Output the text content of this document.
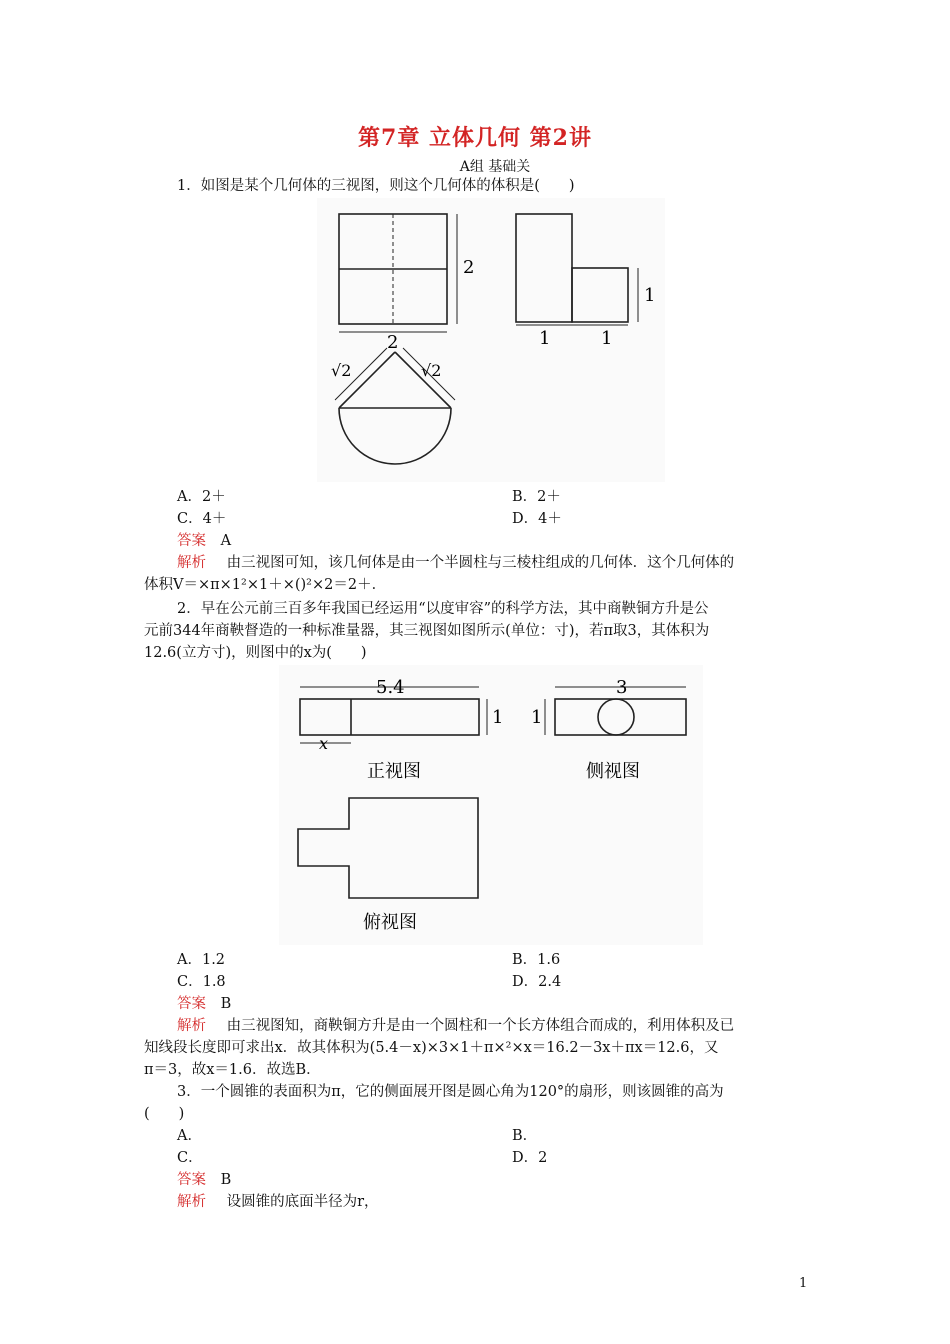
第7章 立体几何 第2讲
A组 基础关
1．如图是某个几何体的三视图，则这个几何体的体积是(　　)
2
2
1
1	1
√2	√2
A．2＋	B．2＋
C．4＋	D．4＋
答案 A
解析 由三视图可知，该几何体是由一个半圆柱与三棱柱组成的几何体．这个几何体的
体积V＝×π×1²×1＋×()²×2＝2＋．
2．早在公元前三百多年我国已经运用“以度审容”的科学方法，其中商鞅铜方升是公
元前344年商鞅督造的一种标准量器，其三视图如图所示(单位：寸)，若π取3，其体积为
12.6(立方寸)，则图中的x为(　　)
5.4
1
x
正视图
3
1
侧视图
俯视图
A．1.2	B．1.6
C．1.8	D．2.4
答案 B
解析 由三视图知，商鞅铜方升是由一个圆柱和一个长方体组合而成的，利用体积及已
知线段长度即可求出x．故其体积为(5.4－x)×3×1＋π×²×x＝16.2－3x＋πx＝12.6，又
π＝3，故x＝1.6．故选B．
3．一个圆锥的表面积为π，它的侧面展开图是圆心角为120°的扇形，则该圆锥的高为
(　　)
A．	B．
C．	D．2
答案 B
解析 设圆锥的底面半径为r，
1
